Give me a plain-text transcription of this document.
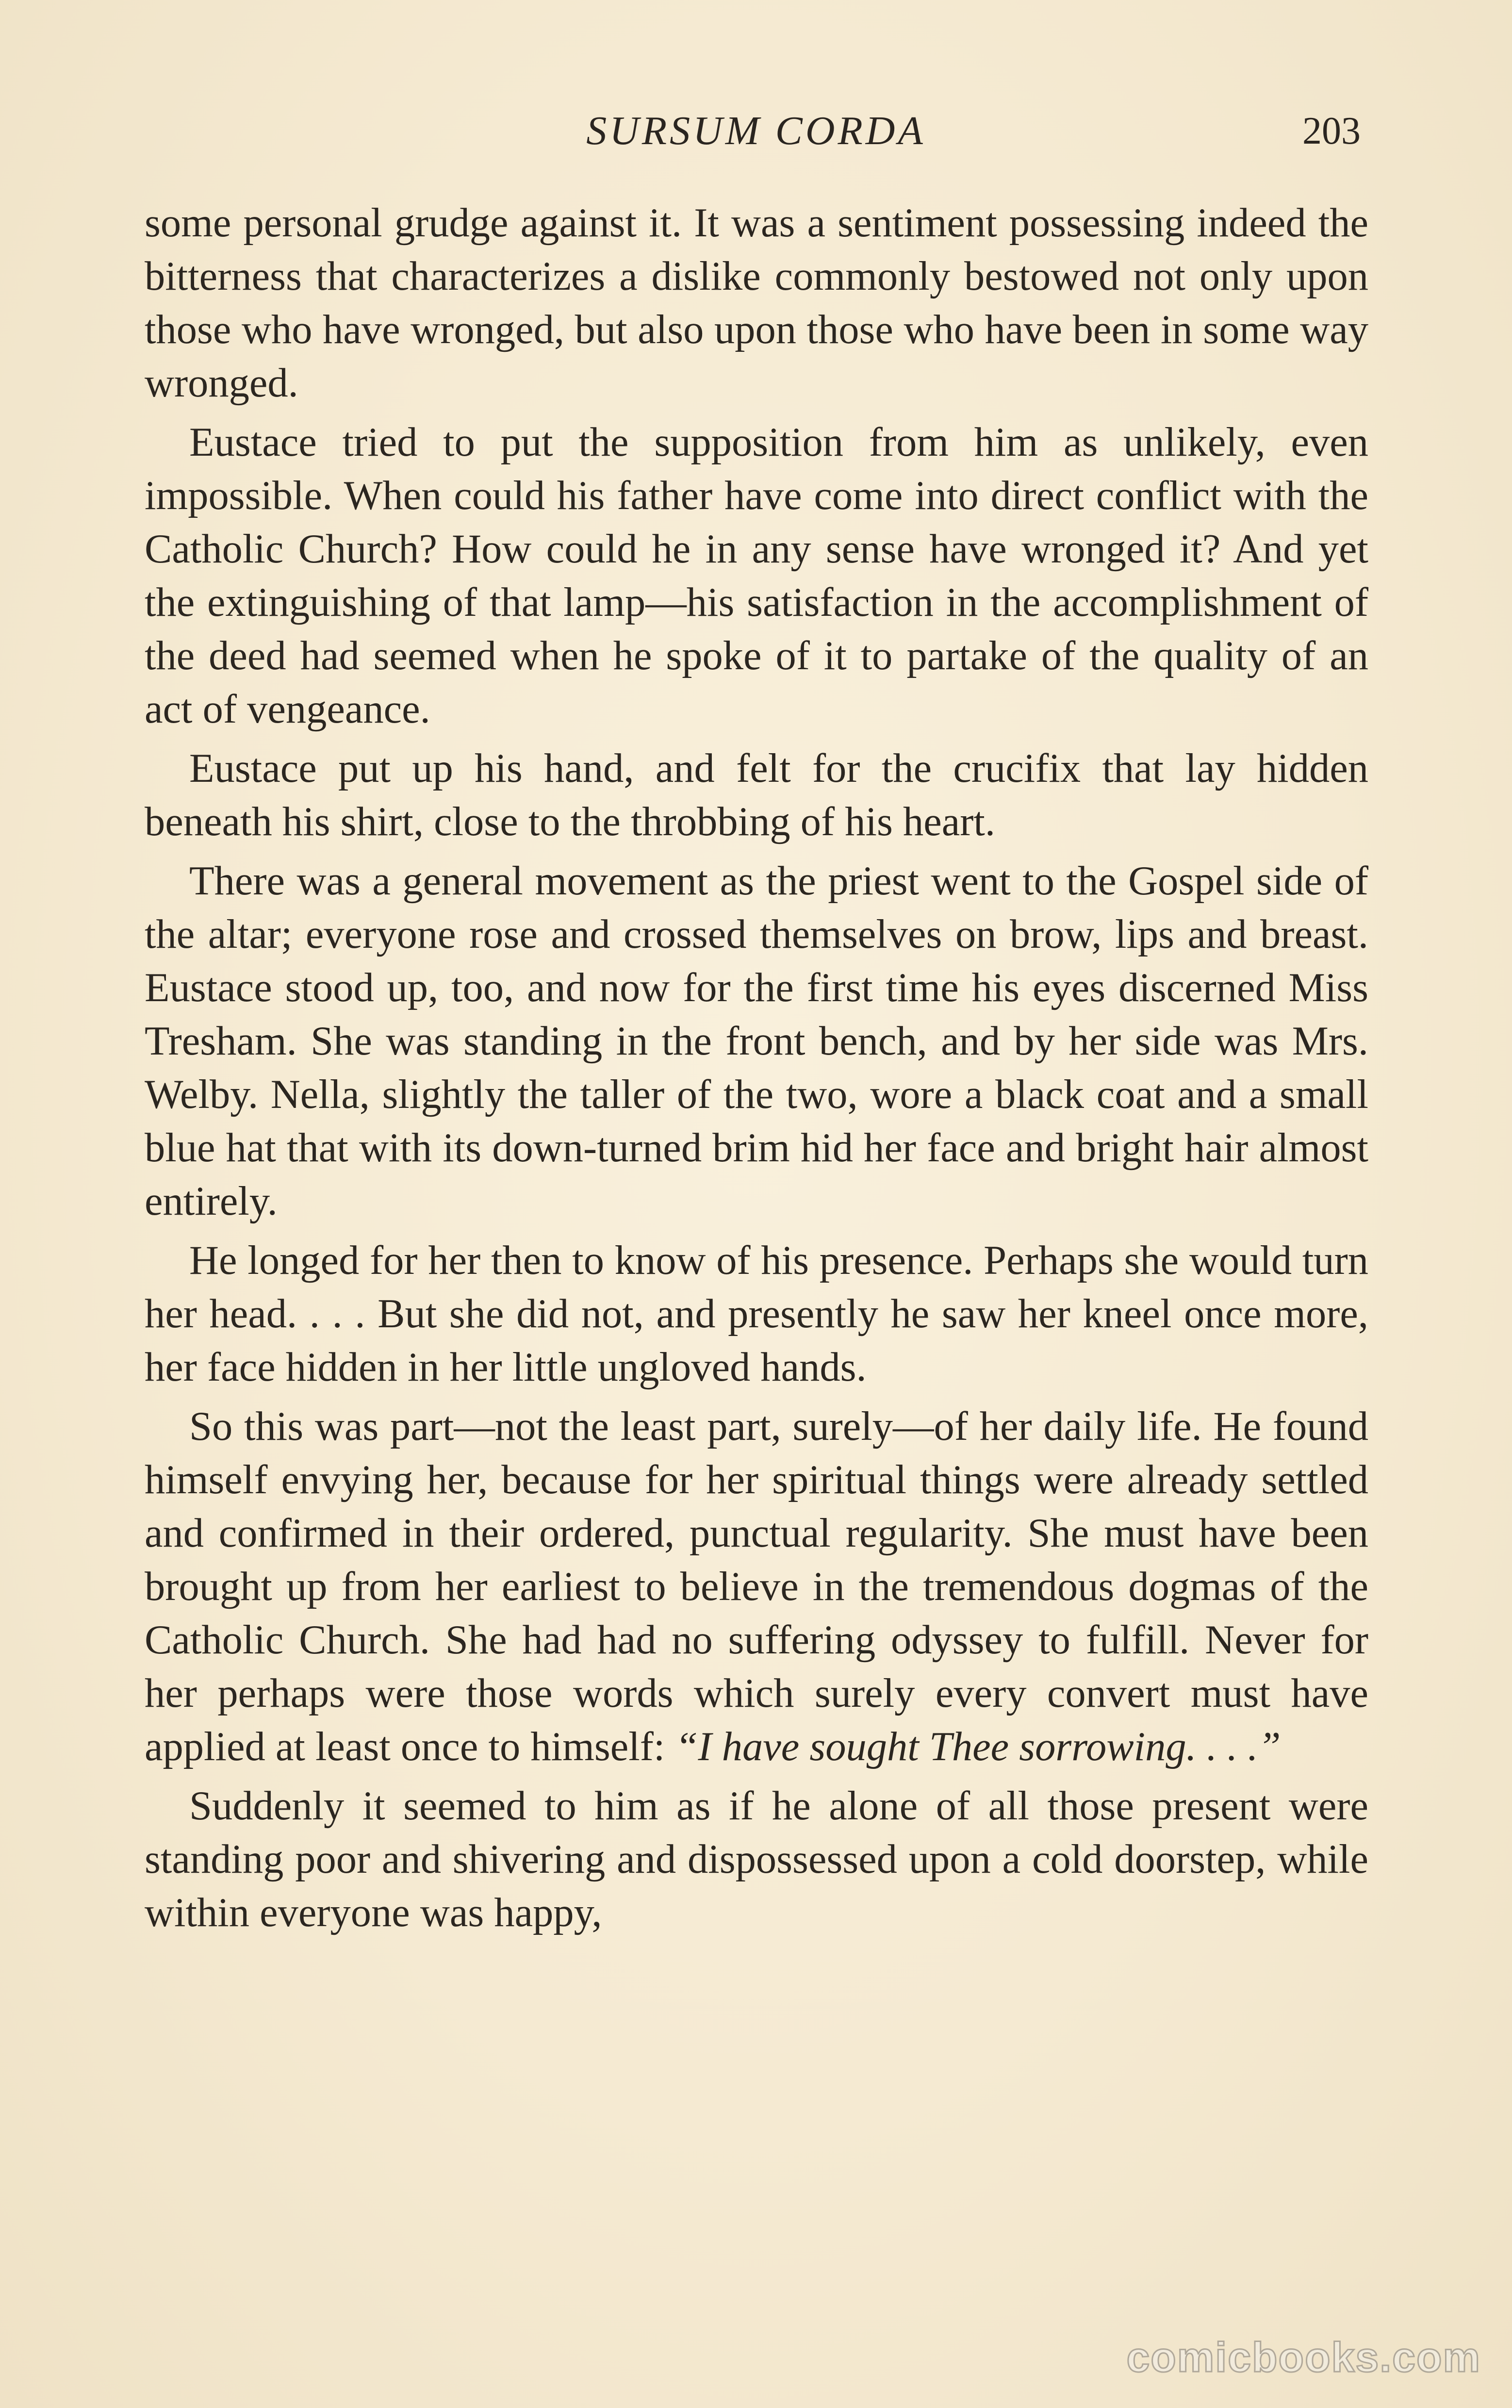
SURSUM CORDA	203

some personal grudge against it. It was a sentiment possessing indeed the bitterness that characterizes a dislike commonly bestowed not only upon those who have wronged, but also upon those who have been in some way wronged.

Eustace tried to put the supposition from him as unlikely, even impossible. When could his father have come into direct conflict with the Catholic Church? How could he in any sense have wronged it? And yet the extinguishing of that lamp—his satisfaction in the accomplishment of the deed had seemed when he spoke of it to partake of the quality of an act of vengeance.

Eustace put up his hand, and felt for the crucifix that lay hidden beneath his shirt, close to the throbbing of his heart.

There was a general movement as the priest went to the Gospel side of the altar; everyone rose and crossed themselves on brow, lips and breast. Eustace stood up, too, and now for the first time his eyes discerned Miss Tresham. She was standing in the front bench, and by her side was Mrs. Welby. Nella, slightly the taller of the two, wore a black coat and a small blue hat that with its down-turned brim hid her face and bright hair almost entirely.

He longed for her then to know of his presence. Perhaps she would turn her head. . . . But she did not, and presently he saw her kneel once more, her face hidden in her little ungloved hands.

So this was part—not the least part, surely—of her daily life. He found himself envying her, because for her spiritual things were already settled and confirmed in their ordered, punctual regularity. She must have been brought up from her earliest to believe in the tremendous dogmas of the Catholic Church. She had had no suffering odyssey to fulfill. Never for her perhaps were those words which surely every convert must have applied at least once to himself: “I have sought Thee sorrowing. . . .”

Suddenly it seemed to him as if he alone of all those present were standing poor and shivering and dispossessed upon a cold doorstep, while within everyone was happy,

comicbooks.com
